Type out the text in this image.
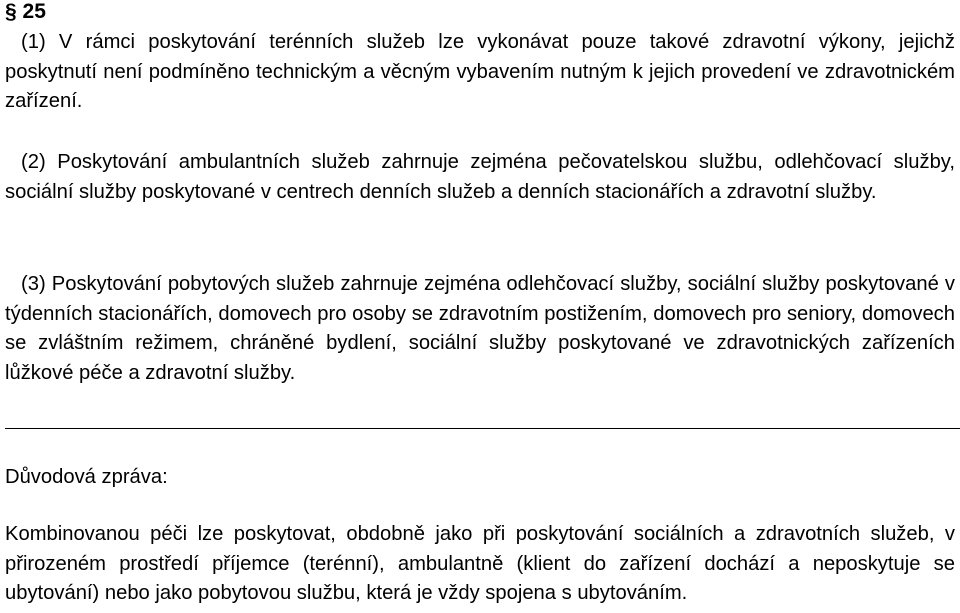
§ 25

(1) V rámci poskytování terénních služeb lze vykonávat pouze takové zdravotní výkony, jejichž poskytnutí není podmíněno technickým a věcným vybavením nutným k jejich provedení ve zdravotnickém zařízení.

(2) Poskytování ambulantních služeb zahrnuje zejména pečovatelskou službu, odlehčovací služby, sociální služby poskytované v centrech denních služeb a denních stacionářích a zdravotní služby.

(3) Poskytování pobytových služeb zahrnuje zejména odlehčovací služby, sociální služby poskytované v týdenních stacionářích, domovech pro osoby se zdravotním postižením, domovech pro seniory, domovech se zvláštním režimem, chráněné bydlení, sociální služby poskytované ve zdravotnických zařízeních lůžkové péče a zdravotní služby.

Důvodová zpráva:

Kombinovanou péči lze poskytovat, obdobně jako při poskytování sociálních a zdravotních služeb, v přirozeném prostředí příjemce (terénní), ambulantně (klient do zařízení dochází a neposkytuje se ubytování) nebo jako pobytovou službu, která je vždy spojena s ubytováním.
